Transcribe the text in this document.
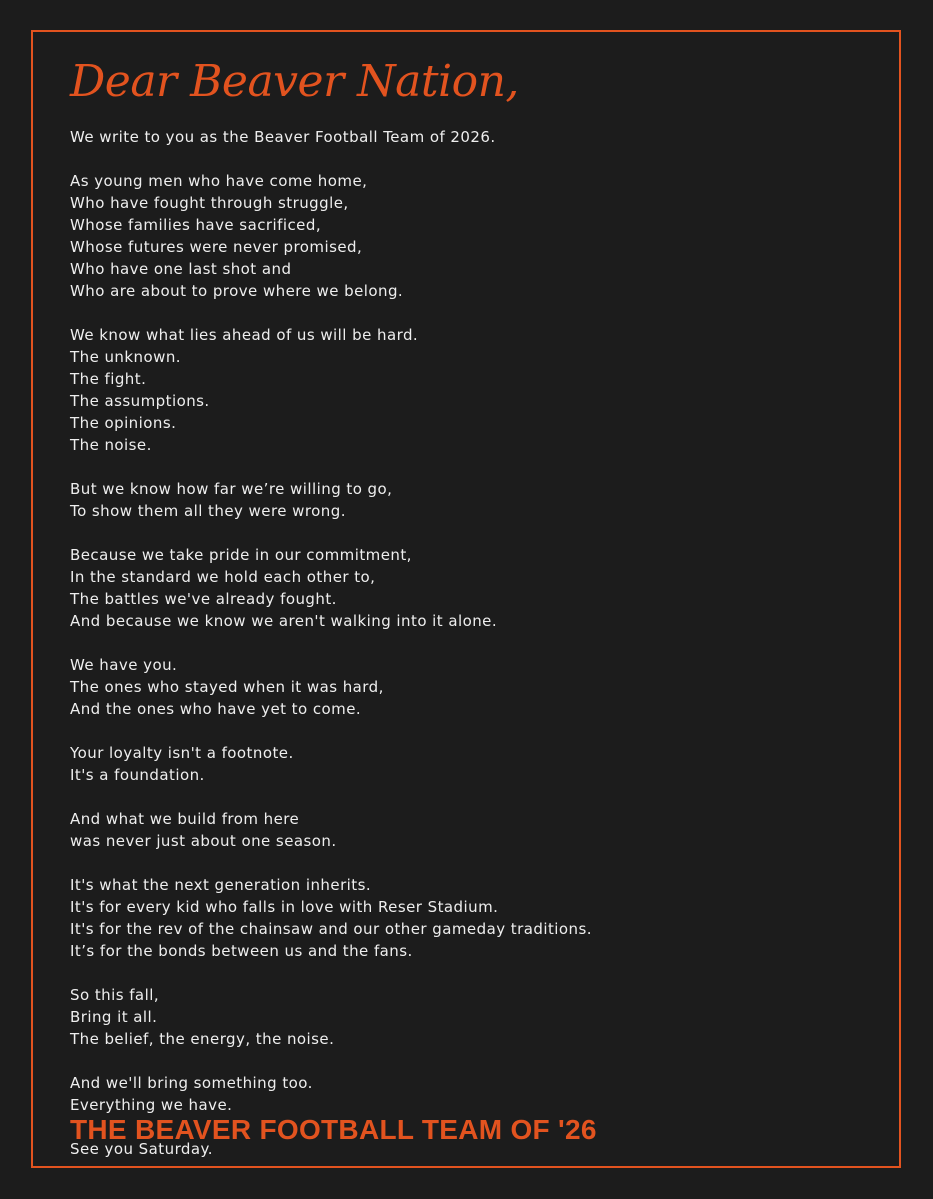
Dear Beaver Nation,

We write to you as the Beaver Football Team of 2026.

As young men who have come home,
Who have fought through struggle,
Whose families have sacrificed,
Whose futures were never promised,
Who have one last shot and
Who are about to prove where we belong.

We know what lies ahead of us will be hard.
The unknown.
The fight.
The assumptions.
The opinions.
The noise.

But we know how far we’re willing to go,
To show them all they were wrong.

Because we take pride in our commitment,
In the standard we hold each other to,
The battles we've already fought.
And because we know we aren't walking into it alone.

We have you.
The ones who stayed when it was hard,
And the ones who have yet to come.

Your loyalty isn't a footnote.
It's a foundation.

And what we build from here
was never just about one season.

It's what the next generation inherits.
It's for every kid who falls in love with Reser Stadium.
It's for the rev of the chainsaw and our other gameday traditions.
It’s for the bonds between us and the fans.

So this fall,
Bring it all.
The belief, the energy, the noise.

And we'll bring something too.
Everything we have.

See you Saturday.

THE BEAVER FOOTBALL TEAM OF '26
